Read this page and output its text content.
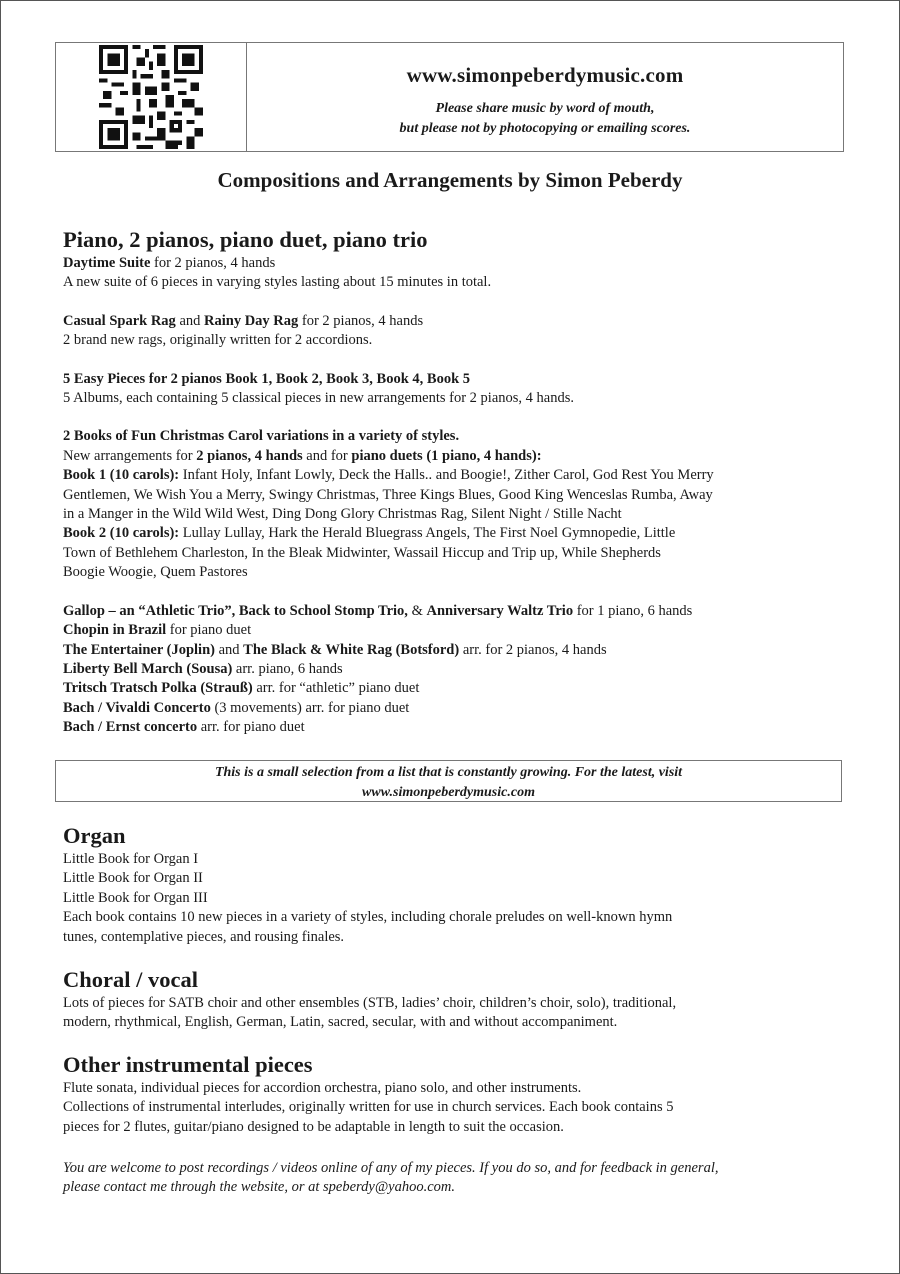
www.simonpeberdymusic.com
Please share music by word of mouth,
but please not by photocopying or emailing scores.
Compositions and Arrangements by Simon Peberdy
Piano, 2 pianos, piano duet, piano trio
Daytime Suite for 2 pianos, 4 hands
A new suite of 6 pieces in varying styles lasting about 15 minutes in total.
Casual Spark Rag and Rainy Day Rag for 2 pianos, 4 hands
2 brand new rags, originally written for 2 accordions.
5 Easy Pieces for 2 pianos Book 1, Book 2, Book 3, Book 4, Book 5
5 Albums, each containing 5 classical pieces in new arrangements for 2 pianos, 4 hands.
2 Books of Fun Christmas Carol variations in a variety of styles.
New arrangements for 2 pianos, 4 hands and for piano duets (1 piano, 4 hands):
Book 1 (10 carols): Infant Holy, Infant Lowly, Deck the Halls.. and Boogie!, Zither Carol, God Rest You Merry
Gentlemen, We Wish You a Merry, Swingy Christmas, Three Kings Blues, Good King Wenceslas Rumba, Away
in a Manger in the Wild Wild West, Ding Dong Glory Christmas Rag, Silent Night / Stille Nacht
Book 2 (10 carols): Lullay Lullay, Hark the Herald Bluegrass Angels, The First Noel Gymnopedie, Little
Town of Bethlehem Charleston, In the Bleak Midwinter, Wassail Hiccup and Trip up, While Shepherds
Boogie Woogie, Quem Pastores
Gallop – an “Athletic Trio”, Back to School Stomp Trio, & Anniversary Waltz Trio for 1 piano, 6 hands
Chopin in Brazil for piano duet
The Entertainer (Joplin) and The Black & White Rag (Botsford) arr. for 2 pianos, 4 hands
Liberty Bell March (Sousa) arr. piano, 6 hands
Tritsch Tratsch Polka (Strauß) arr. for “athletic” piano duet
Bach / Vivaldi Concerto (3 movements) arr. for piano duet
Bach / Ernst concerto arr. for piano duet
This is a small selection from a list that is constantly growing. For the latest, visit
www.simonpeberdymusic.com
Organ
Little Book for Organ I
Little Book for Organ II
Little Book for Organ III
Each book contains 10 new pieces in a variety of styles, including chorale preludes on well-known hymn
tunes, contemplative pieces, and rousing finales.
Choral / vocal
Lots of pieces for SATB choir and other ensembles (STB, ladies’ choir, children’s choir, solo), traditional,
modern, rhythmical, English, German, Latin, sacred, secular, with and without accompaniment.
Other instrumental pieces
Flute sonata, individual pieces for accordion orchestra, piano solo, and other instruments.
Collections of instrumental interludes, originally written for use in church services. Each book contains 5
pieces for 2 flutes, guitar/piano designed to be adaptable in length to suit the occasion.
You are welcome to post recordings / videos online of any of my pieces. If you do so, and for feedback in general,
please contact me through the website, or at speberdy@yahoo.com.
